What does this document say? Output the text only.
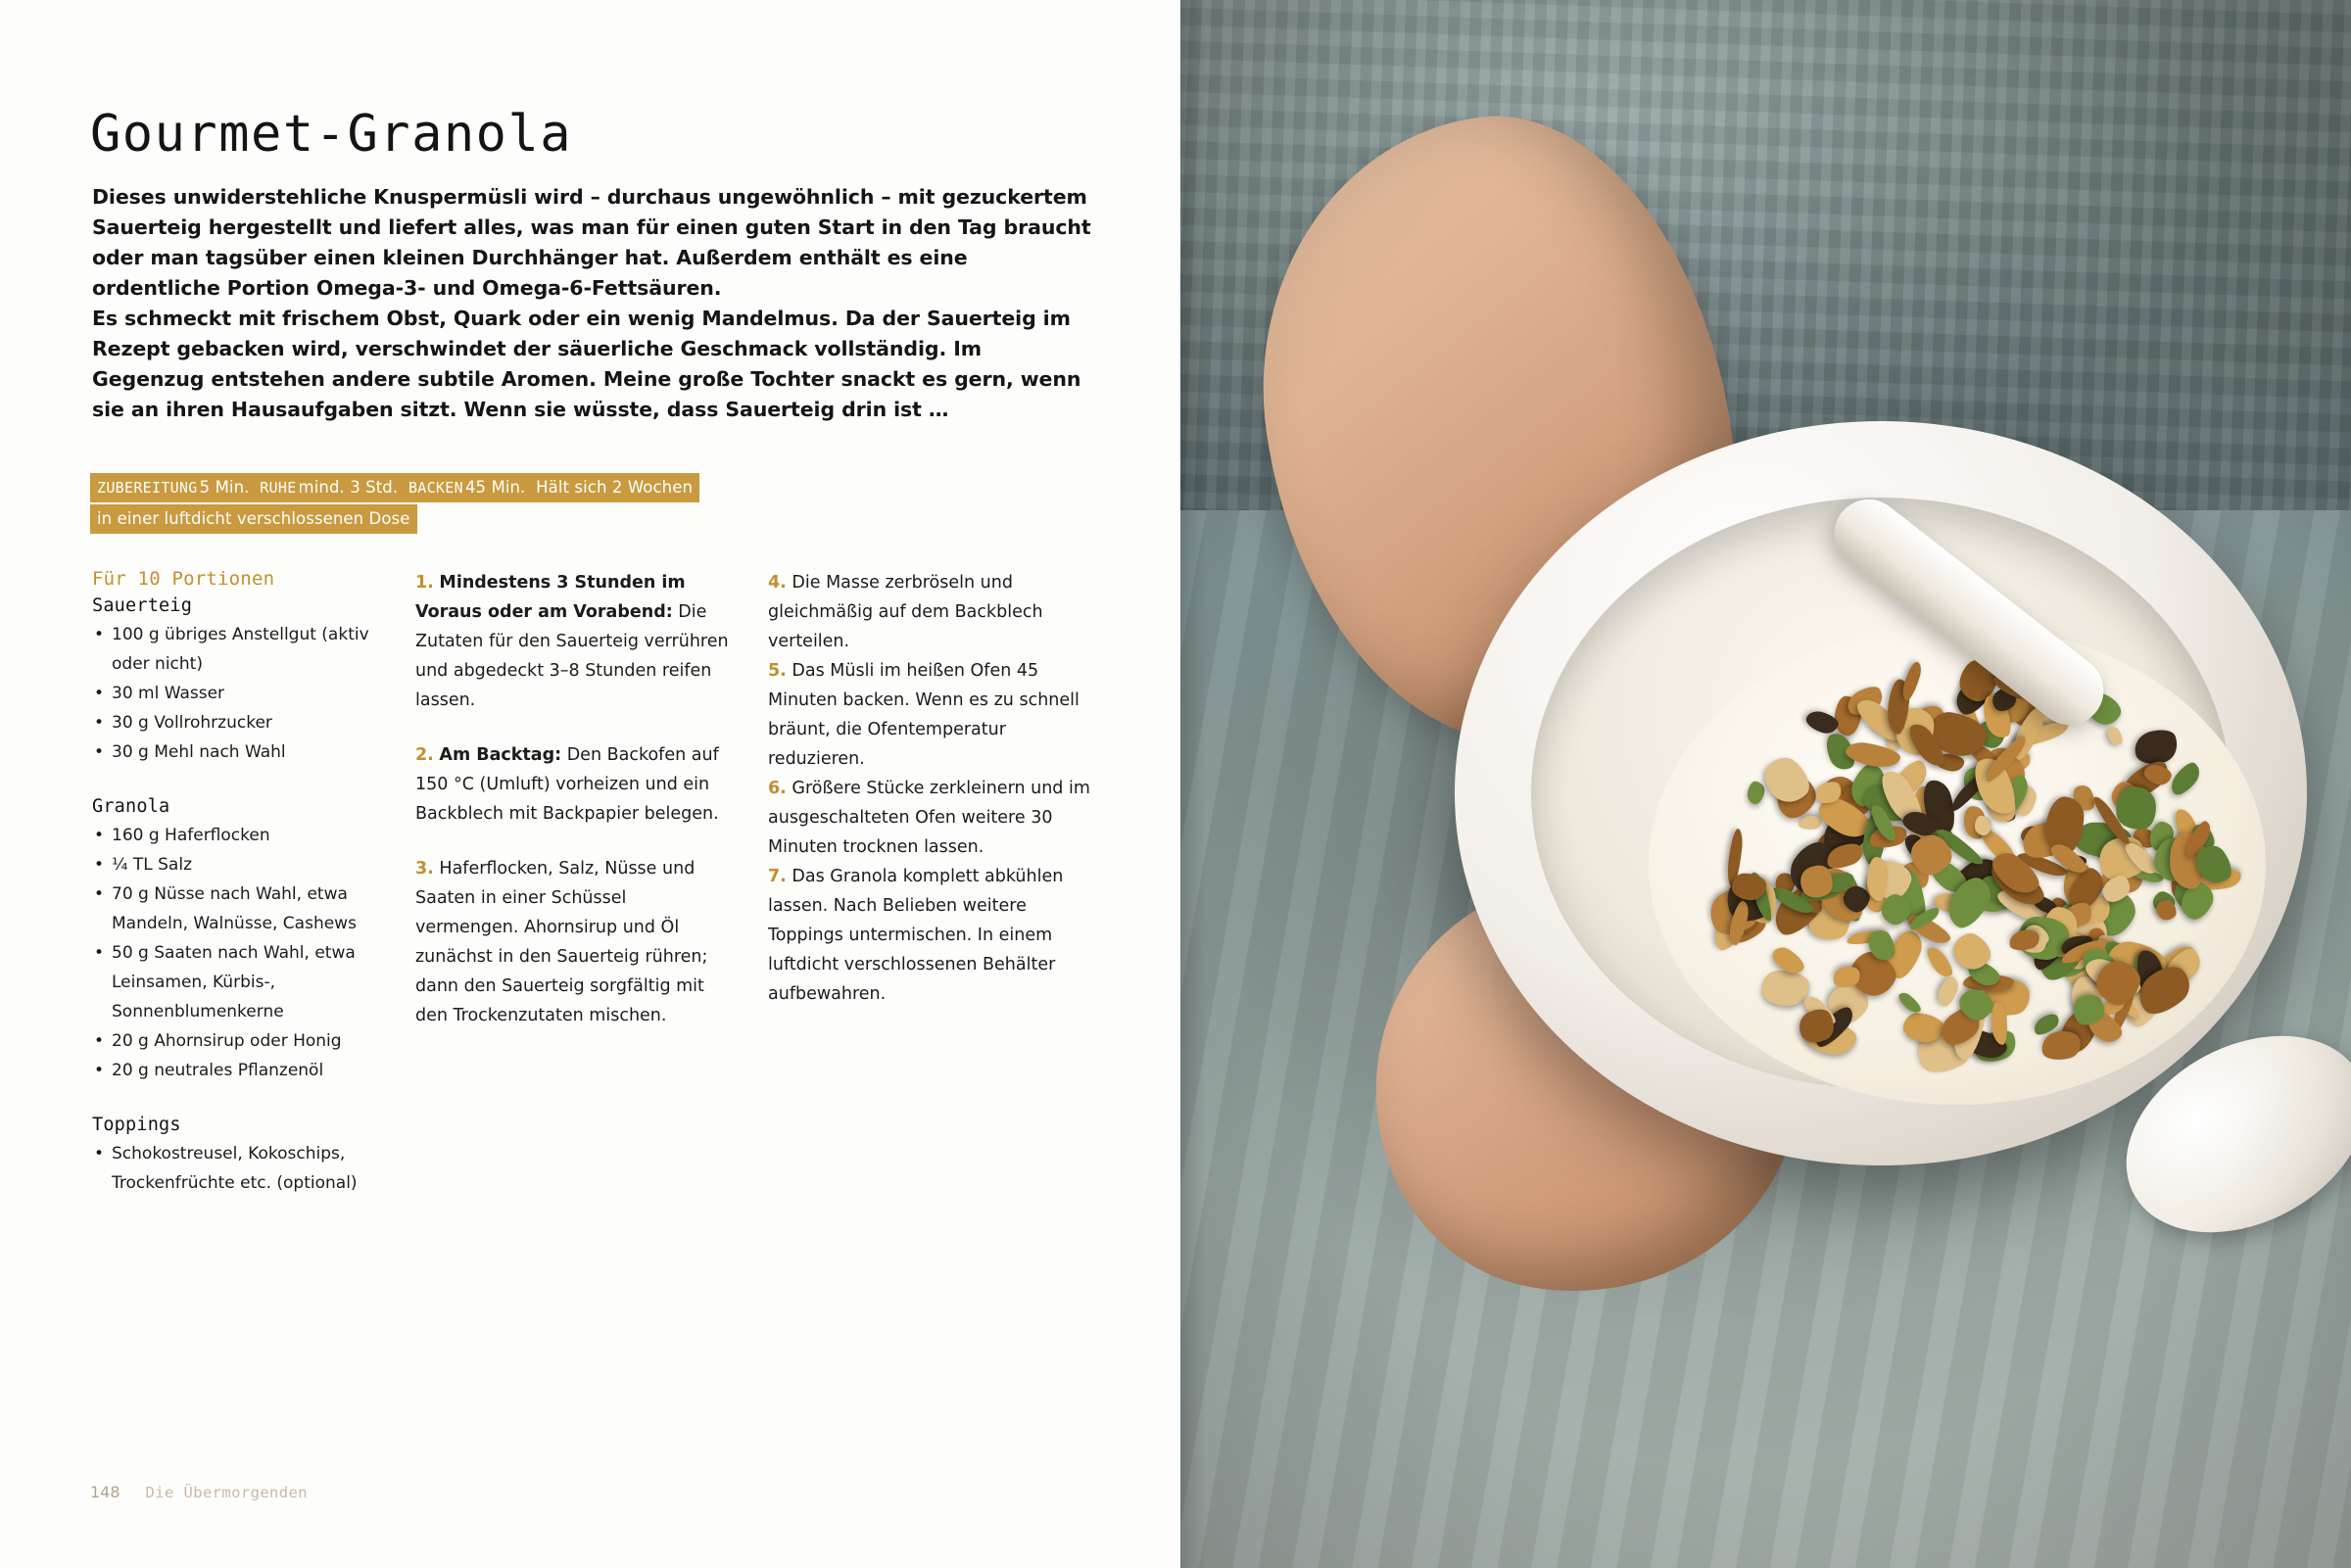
Gourmet-Granola

Dieses unwiderstehliche Knuspermüsli wird – durchaus ungewöhnlich – mit gezuckertem Sauerteig hergestellt und liefert alles, was man für einen guten Start in den Tag braucht oder man tagsüber einen kleinen Durchhänger hat. Außerdem enthält es eine ordentliche Portion Omega-3- und Omega-6-Fettsäuren.

Es schmeckt mit frischem Obst, Quark oder ein wenig Mandelmus. Da der Sauerteig im Rezept gebacken wird, verschwindet der säuerliche Geschmack vollständig. Im Gegenzug entstehen andere subtile Aromen. Meine große Tochter snackt es gern, wenn sie an ihren Hausaufgaben sitzt. Wenn sie wüsste, dass Sauerteig drin ist …

ZUBEREITUNG 5 Min. RUHE mind. 3 Std. BACKEN 45 Min. Hält sich 2 Wochen
in einer luftdicht verschlossenen Dose
Für 10 Portionen
Sauerteig
• 100 g übriges Anstellgut (aktiv oder nicht)
• 30 ml Wasser
• 30 g Vollrohrzucker
• 30 g Mehl nach Wahl
Granola
• 160 g Haferflocken
• ¼ TL Salz
• 70 g Nüsse nach Wahl, etwa Mandeln, Walnüsse, Cashews
• 50 g Saaten nach Wahl, etwa Leinsamen, Kürbis-, Sonnenblumenkerne
• 20 g Ahornsirup oder Honig
• 20 g neutrales Pflanzenöl
Toppings
• Schokostreusel, Kokoschips, Trockenfrüchte etc. (optional)

1. Mindestens 3 Stunden im Voraus oder am Vorabend: Die Zutaten für den Sauerteig verrühren und abgedeckt 3–8 Stunden reifen lassen.

2. Am Backtag: Den Backofen auf 150 °C (Umluft) vorheizen und ein Backblech mit Backpapier belegen.

3. Haferflocken, Salz, Nüsse und Saaten in einer Schüssel vermengen. Ahornsirup und Öl zunächst in den Sauerteig rühren; dann den Sauerteig sorgfältig mit den Trockenzutaten mischen.

4. Die Masse zerbröseln und gleichmäßig auf dem Backblech verteilen.

5. Das Müsli im heißen Ofen 45 Minuten backen. Wenn es zu schnell bräunt, die Ofentemperatur reduzieren.

6. Größere Stücke zerkleinern und im ausgeschalteten Ofen weitere 30 Minuten trocknen lassen.

7. Das Granola komplett abkühlen lassen. Nach Belieben weitere Toppings untermischen. In einem luftdicht verschlossenen Behälter aufbewahren.

148 Die Übermorgenden
